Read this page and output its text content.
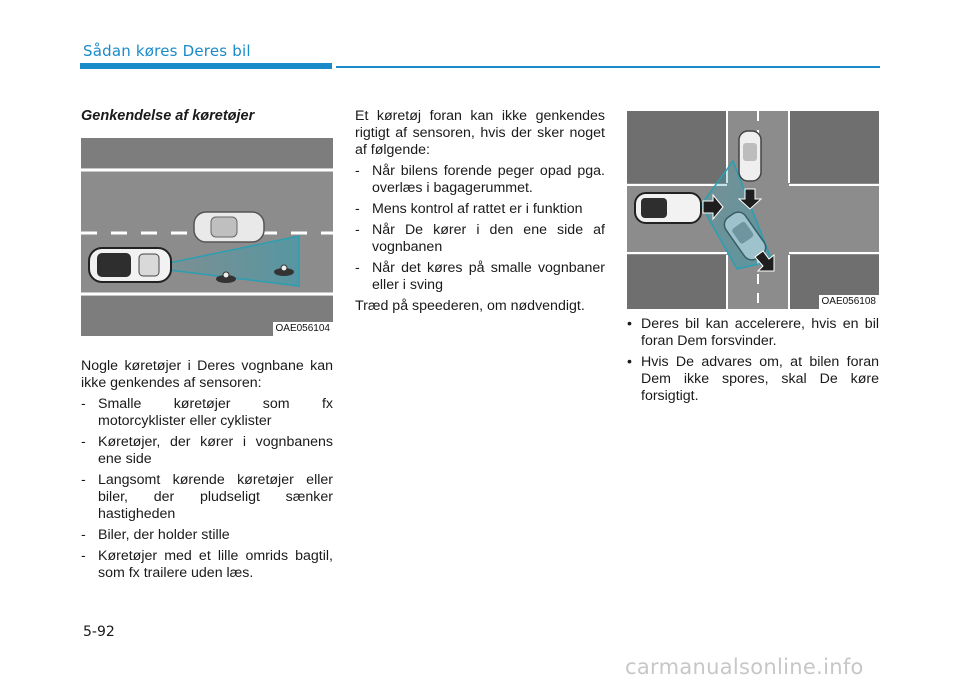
Sådan køres Deres bil
OAE056104
OAE056108
Genkendelse af køretøjer

Nogle køretøjer i Deres vognbane kan ikke genkendes af sensoren:

- Smalle køretøjer som fx motorcyklister eller cyklister
- Køretøjer, der kører i vognbanens ene side
- Langsomt kørende køretøjer eller biler, der pludseligt sænker hastigheden
- Biler, der holder stille
- Køretøjer med et lille omrids bagtil, som fx trailere uden læs.

Et køretøj foran kan ikke genkendes rigtigt af sensoren, hvis der sker noget af følgende:

- Når bilens forende peger opad pga. overlæs i bagagerummet.
- Mens kontrol af rattet er i funktion
- Når De kører i den ene side af vognbanen
- Når det køres på smalle vognbaner eller i sving

Træd på speederen, om nødvendigt.

• Deres bil kan accelerere, hvis en bil foran Dem forsvinder.
• Hvis De advares om, at bilen foran Dem ikke spores, skal De køre forsigtigt.
5-92
carmanualsonline.info
